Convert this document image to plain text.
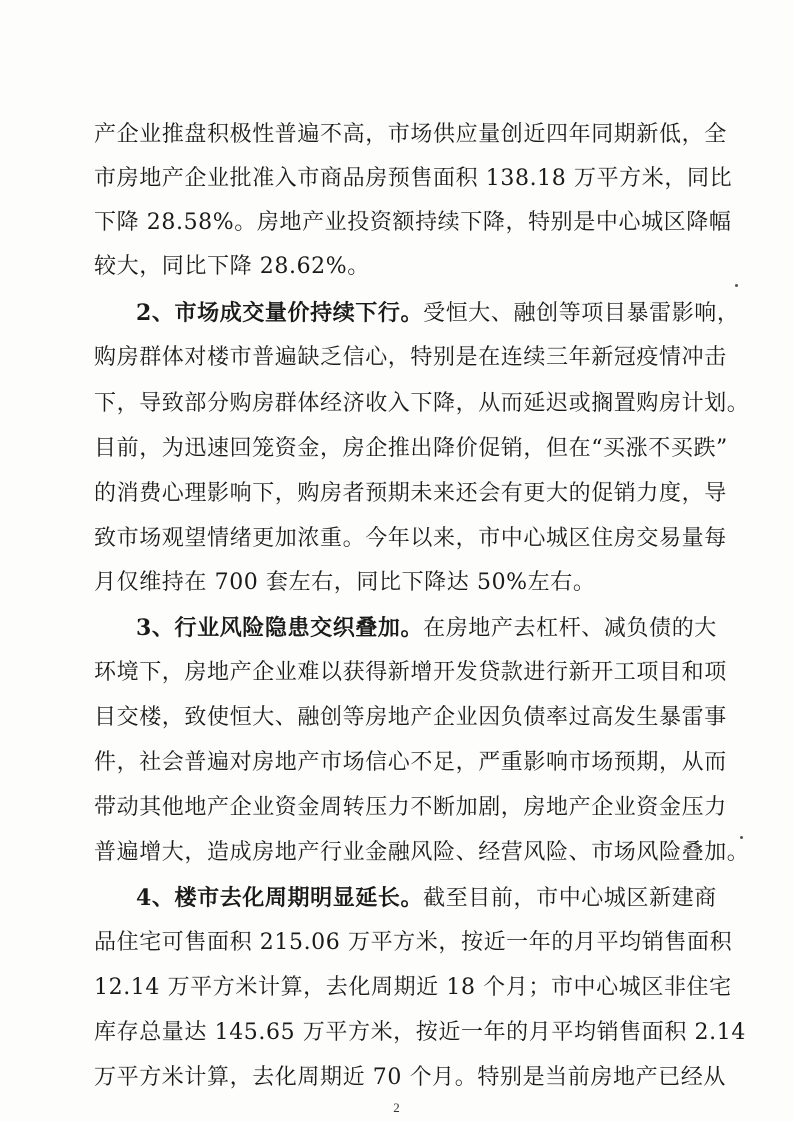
产企业推盘积极性普遍不高，市场供应量创近四年同期新低，全
市房地产企业批准入市商品房预售面积 138.18 万平方米，同比
下降 28.58%。房地产业投资额持续下降，特别是中心城区降幅
较大，同比下降 28.62%。
2、市场成交量价持续下行。受恒大、融创等项目暴雷影响，
购房群体对楼市普遍缺乏信心，特别是在连续三年新冠疫情冲击
下，导致部分购房群体经济收入下降，从而延迟或搁置购房计划。
目前，为迅速回笼资金，房企推出降价促销，但在“买涨不买跌”
的消费心理影响下，购房者预期未来还会有更大的促销力度，导
致市场观望情绪更加浓重。今年以来，市中心城区住房交易量每
月仅维持在 700 套左右，同比下降达 50%左右。
3、行业风险隐患交织叠加。在房地产去杠杆、减负债的大
环境下，房地产企业难以获得新增开发贷款进行新开工项目和项
目交楼，致使恒大、融创等房地产企业因负债率过高发生暴雷事
件，社会普遍对房地产市场信心不足，严重影响市场预期，从而
带动其他地产企业资金周转压力不断加剧，房地产企业资金压力
普遍增大，造成房地产行业金融风险、经营风险、市场风险叠加。
4、楼市去化周期明显延长。截至目前，市中心城区新建商
品住宅可售面积 215.06 万平方米，按近一年的月平均销售面积
12.14 万平方米计算，去化周期近 18 个月；市中心城区非住宅
库存总量达 145.65 万平方米，按近一年的月平均销售面积 2.14
万平方米计算，去化周期近 70 个月。特别是当前房地产已经从
2
